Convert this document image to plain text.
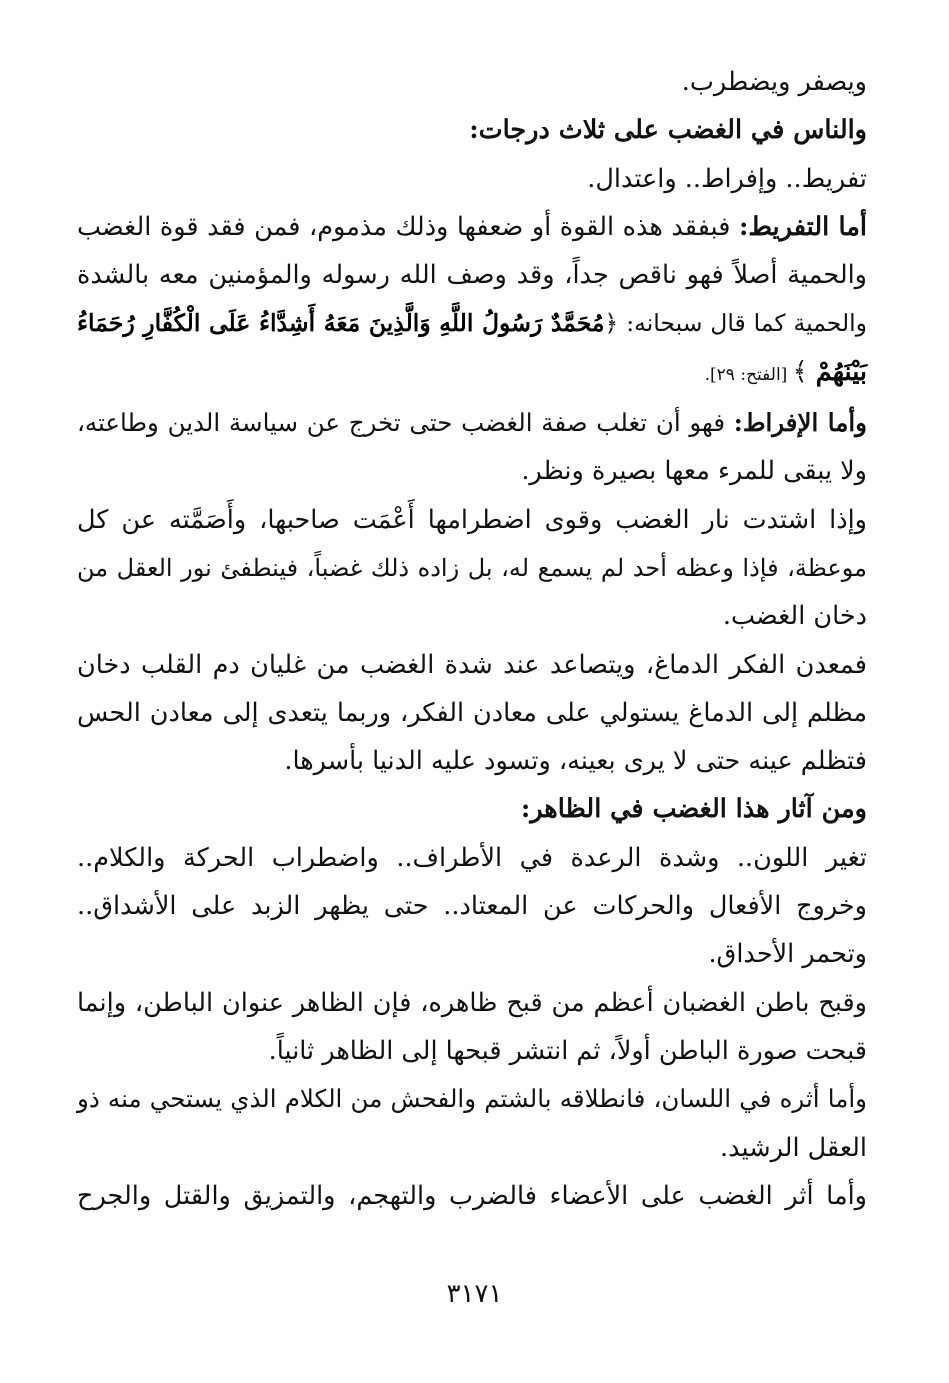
ويصفر ويضطرب.
والناس في الغضب على ثلاث درجات:
تفريط.. وإفراط.. واعتدال.
أما التفريط: فبفقد هذه القوة أو ضعفها وذلك مذموم، فمن فقد قوة الغضب
والحمية أصلاً فهو ناقص جداً، وقد وصف الله رسوله والمؤمنين معه بالشدة
والحمية كما قال سبحانه: ﴿مُحَمَّدٌ رَسُولُ اللَّهِ وَالَّذِينَ مَعَهُ أَشِدَّاءُ عَلَى الْكُفَّارِ رُحَمَاءُ
بَيْنَهُمْ ﴾ [الفتح: ٢٩].
وأما الإفراط: فهو أن تغلب صفة الغضب حتى تخرج عن سياسة الدين وطاعته،
ولا يبقى للمرء معها بصيرة ونظر.
وإذا اشتدت نار الغضب وقوى اضطرامها أَعْمَت صاحبها، وأَصَمَّته عن كل
موعظة، فإذا وعظه أحد لم يسمع له، بل زاده ذلك غضباً، فينطفئ نور العقل من
دخان الغضب.
فمعدن الفكر الدماغ، ويتصاعد عند شدة الغضب من غليان دم القلب دخان
مظلم إلى الدماغ يستولي على معادن الفكر، وربما يتعدى إلى معادن الحس
فتظلم عينه حتى لا يرى بعينه، وتسود عليه الدنيا بأسرها.
ومن آثار هذا الغضب في الظاهر:
تغير اللون.. وشدة الرعدة في الأطراف.. واضطراب الحركة والكلام..
وخروج الأفعال والحركات عن المعتاد.. حتى يظهر الزبد على الأشداق..
وتحمر الأحداق.
وقبح باطن الغضبان أعظم من قبح ظاهره، فإن الظاهر عنوان الباطن، وإنما
قبحت صورة الباطن أولاً، ثم انتشر قبحها إلى الظاهر ثانياً.
وأما أثره في اللسان، فانطلاقه بالشتم والفحش من الكلام الذي يستحي منه ذو
العقل الرشيد.
وأما أثر الغضب على الأعضاء فالضرب والتهجم، والتمزيق والقتل والجرح
٣١٧١
